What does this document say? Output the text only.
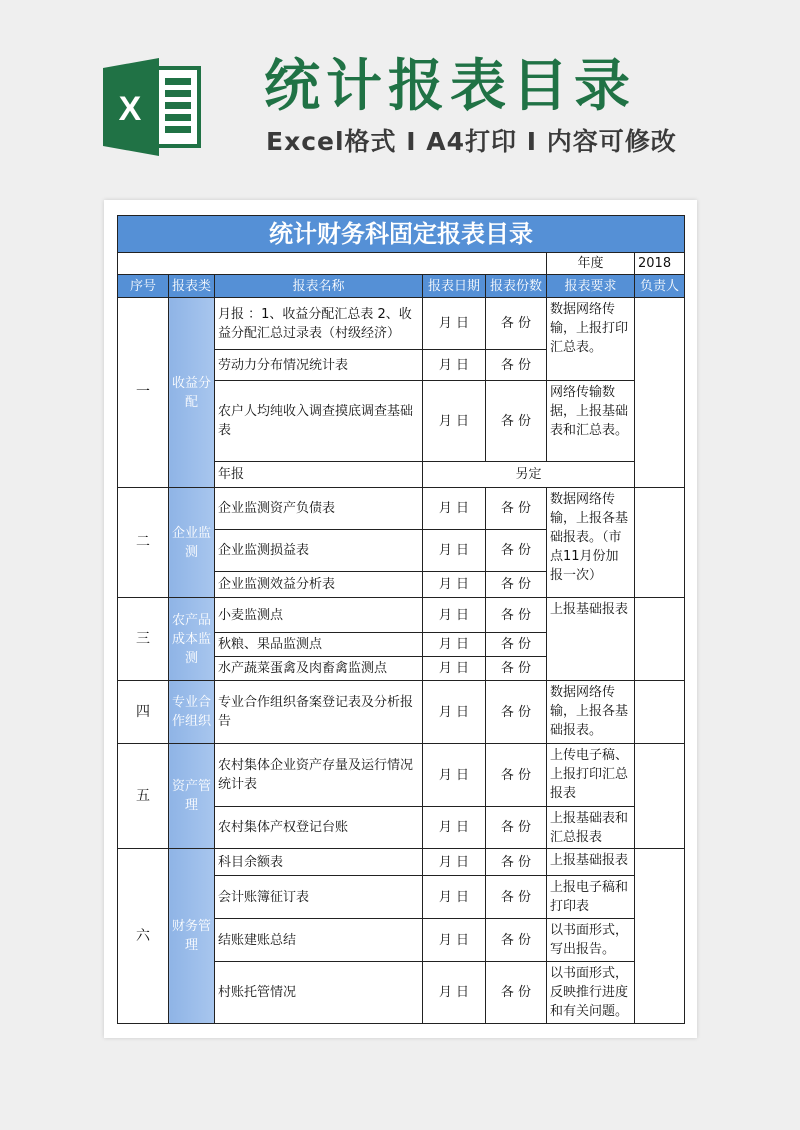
X 统计报表目录
Excel格式 I A4打印 I 内容可修改
统计财务科固定报表目录						
					年度	2018
序号	报表类	报表名称	报表日期	报表份数	报表要求	负责人
一	收益分配	月报 ：1、收益分配汇总表 2、收益分配汇总过录表（村级经济）	月 日	各 份	数据网络传输，上报打印汇总表。	
		劳动力分布情况统计表	月 日	各 份		
		农户人均纯收入调查摸底调查基础表	月 日	各 份	网络传输数据，上报基础表和汇总表。	
		年报	另定			
二	企业监测	企业监测资产负债表	月 日	各 份	数据网络传输，上报各基础报表。（市点11月份加报一次）	
		企业监测损益表	月 日	各 份		
		企业监测效益分析表	月 日	各 份		
三	农产品成本监测	小麦监测点	月 日	各 份	上报基础报表	
		秋粮、果品监测点	月 日	各 份		
		水产蔬菜蛋禽及肉畜禽监测点	月 日	各 份		
四	专业合作组织	专业合作组织备案登记表及分析报告	月 日	各 份	数据网络传输，上报各基础报表。	
五	资产管理	农村集体企业资产存量及运行情况统计表	月 日	各 份	上传电子稿、上报打印汇总报表	
		农村集体产权登记台账	月 日	各 份	上报基础表和汇总报表	
六	财务管理	科目余额表	月 日	各 份	上报基础报表	
		会计账簿征订表	月 日	各 份	上报电子稿和打印表	
		结账建账总结	月 日	各 份	以书面形式，写出报告。	
		村账托管情况	月 日	各 份	以书面形式，反映推行进度和有关问题。	
